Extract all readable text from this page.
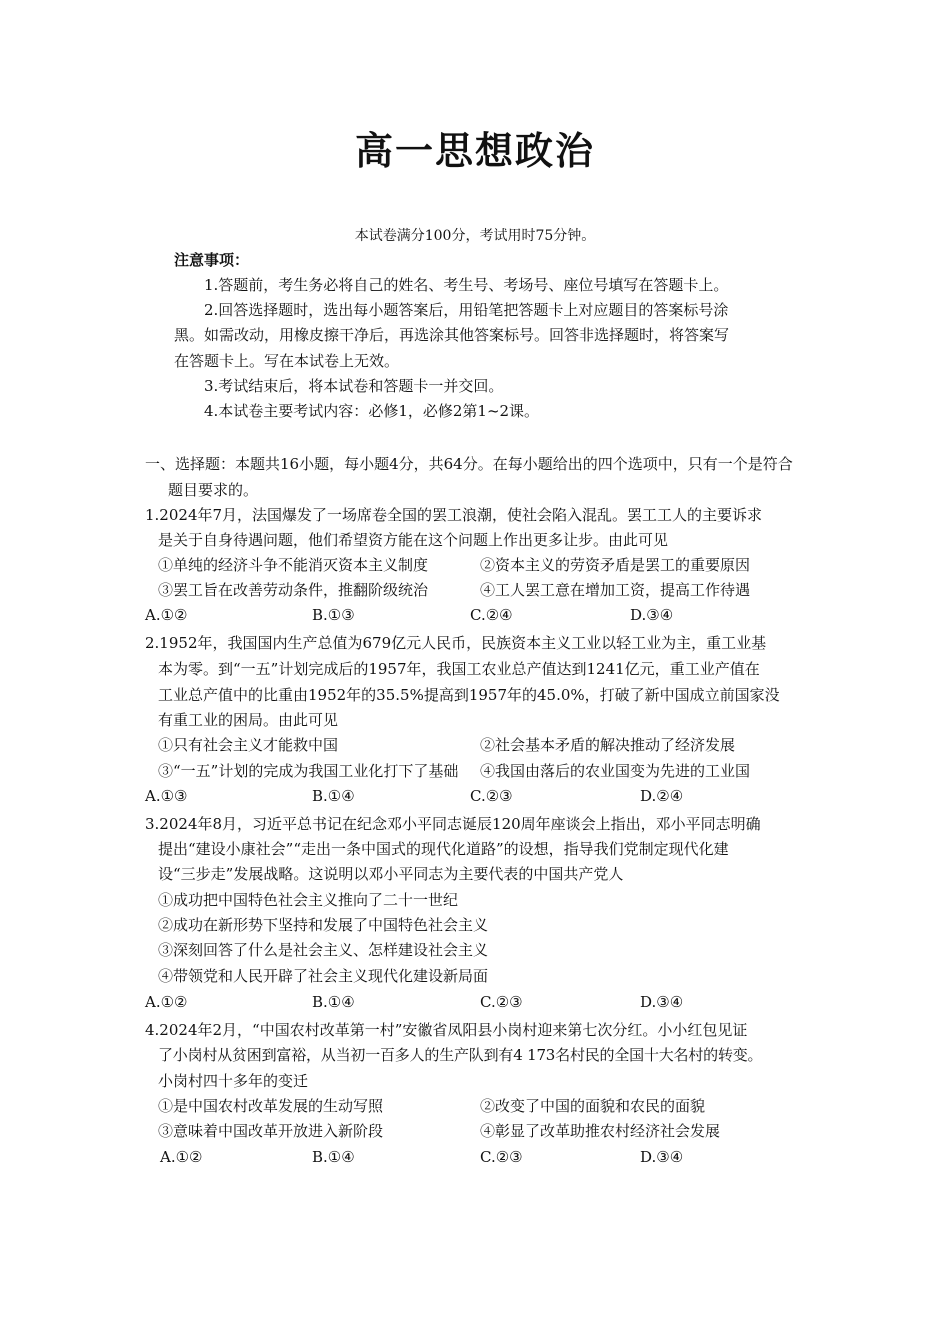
高一思想政治
本试卷满分100分，考试用时75分钟。
注意事项：
1.答题前，考生务必将自己的姓名、考生号、考场号、座位号填写在答题卡上。
2.回答选择题时，选出每小题答案后，用铅笔把答题卡上对应题目的答案标号涂
黑。如需改动，用橡皮擦干净后，再选涂其他答案标号。回答非选择题时，将答案写
在答题卡上。写在本试卷上无效。
3.考试结束后，将本试卷和答题卡一并交回。
4.本试卷主要考试内容：必修1，必修2第1~2课。
一、选择题：本题共16小题，每小题4分，共64分。在每小题给出的四个选项中，只有一个是符合
题目要求的。
1.2024年7月，法国爆发了一场席卷全国的罢工浪潮，使社会陷入混乱。罢工工人的主要诉求
是关于自身待遇问题，他们希望资方能在这个问题上作出更多让步。由此可见
①单纯的经济斗争不能消灭资本主义制度	②资本主义的劳资矛盾是罢工的重要原因
③罢工旨在改善劳动条件，推翻阶级统治	④工人罢工意在增加工资，提高工作待遇
A.①②	B.①③	C.②④	D.③④
2.1952年，我国国内生产总值为679亿元人民币，民族资本主义工业以轻工业为主，重工业基
本为零。到“一五”计划完成后的1957年，我国工农业总产值达到1241亿元，重工业产值在
工业总产值中的比重由1952年的35.5%提高到1957年的45.0%，打破了新中国成立前国家没
有重工业的困局。由此可见
①只有社会主义才能救中国	②社会基本矛盾的解决推动了经济发展
③“一五”计划的完成为我国工业化打下了基础 ④我国由落后的农业国变为先进的工业国
A.①③	B.①④	C.②③	D.②④
3.2024年8月，习近平总书记在纪念邓小平同志诞辰120周年座谈会上指出，邓小平同志明确
提出“建设小康社会”“走出一条中国式的现代化道路”的设想，指导我们党制定现代化建
设“三步走”发展战略。这说明以邓小平同志为主要代表的中国共产党人
①成功把中国特色社会主义推向了二十一世纪
②成功在新形势下坚持和发展了中国特色社会主义
③深刻回答了什么是社会主义、怎样建设社会主义
④带领党和人民开辟了社会主义现代化建设新局面
A.①②	B.①④	C.②③	D.③④
4.2024年2月，“中国农村改革第一村”安徽省凤阳县小岗村迎来第七次分红。小小红包见证
了小岗村从贫困到富裕，从当初一百多人的生产队到有4 173名村民的全国十大名村的转变。
小岗村四十多年的变迁
①是中国农村改革发展的生动写照	②改变了中国的面貌和农民的面貌
③意味着中国改革开放进入新阶段	④彰显了改革助推农村经济社会发展
A.①②	B.①④	C.②③	D.③④
